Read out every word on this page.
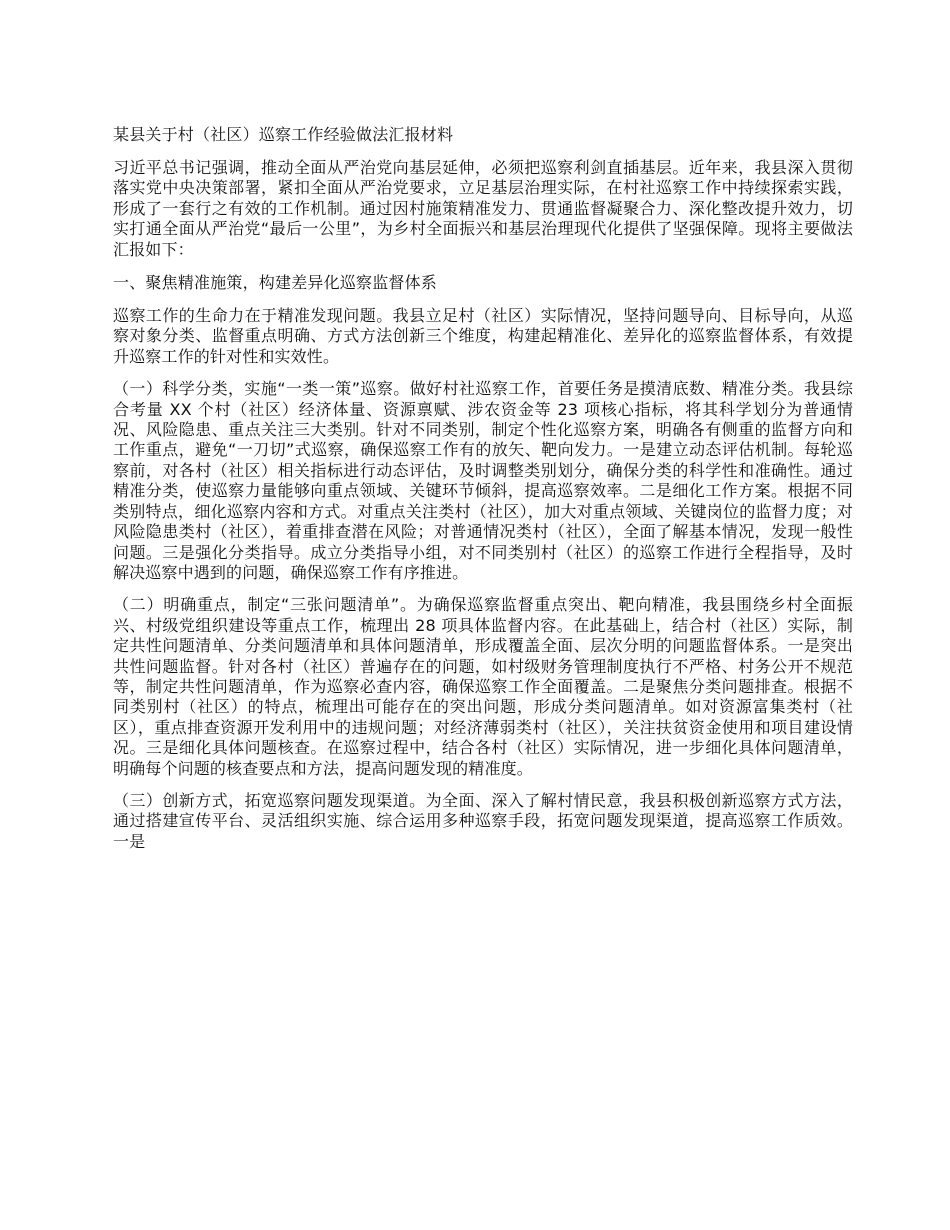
某县关于村（社区）巡察工作经验做法汇报材料

习近平总书记强调，推动全面从严治党向基层延伸，必须把巡察利剑直插基层。近年来，我县深入贯彻落实党中央决策部署，紧扣全面从严治党要求，立足基层治理实际，在村社巡察工作中持续探索实践，形成了一套行之有效的工作机制。通过因村施策精准发力、贯通监督凝聚合力、深化整改提升效力，切实打通全面从严治党“最后一公里”，为乡村全面振兴和基层治理现代化提供了坚强保障。现将主要做法汇报如下：

一、聚焦精准施策，构建差异化巡察监督体系

巡察工作的生命力在于精准发现问题。我县立足村（社区）实际情况，坚持问题导向、目标导向，从巡察对象分类、监督重点明确、方式方法创新三个维度，构建起精准化、差异化的巡察监督体系，有效提升巡察工作的针对性和实效性。

（一）科学分类，实施“一类一策”巡察。做好村社巡察工作，首要任务是摸清底数、精准分类。我县综合考量 XX 个村（社区）经济体量、资源禀赋、涉农资金等 23 项核心指标，将其科学划分为普通情况、风险隐患、重点关注三大类别。针对不同类别，制定个性化巡察方案，明确各有侧重的监督方向和工作重点，避免“一刀切”式巡察，确保巡察工作有的放矢、靶向发力。一是建立动态评估机制。每轮巡察前，对各村（社区）相关指标进行动态评估，及时调整类别划分，确保分类的科学性和准确性。通过精准分类，使巡察力量能够向重点领域、关键环节倾斜，提高巡察效率。二是细化工作方案。根据不同类别特点，细化巡察内容和方式。对重点关注类村（社区），加大对重点领域、关键岗位的监督力度；对风险隐患类村（社区），着重排查潜在风险；对普通情况类村（社区），全面了解基本情况，发现一般性问题。三是强化分类指导。成立分类指导小组，对不同类别村（社区）的巡察工作进行全程指导，及时解决巡察中遇到的问题，确保巡察工作有序推进。

（二）明确重点，制定“三张问题清单”。为确保巡察监督重点突出、靶向精准，我县围绕乡村全面振兴、村级党组织建设等重点工作，梳理出 28 项具体监督内容。在此基础上，结合村（社区）实际，制定共性问题清单、分类问题清单和具体问题清单，形成覆盖全面、层次分明的问题监督体系。一是突出共性问题监督。针对各村（社区）普遍存在的问题，如村级财务管理制度执行不严格、村务公开不规范等，制定共性问题清单，作为巡察必查内容，确保巡察工作全面覆盖。二是聚焦分类问题排查。根据不同类别村（社区）的特点，梳理出可能存在的突出问题，形成分类问题清单。如对资源富集类村（社区），重点排查资源开发利用中的违规问题；对经济薄弱类村（社区），关注扶贫资金使用和项目建设情况。三是细化具体问题核查。在巡察过程中，结合各村（社区）实际情况，进一步细化具体问题清单，明确每个问题的核查要点和方法，提高问题发现的精准度。

（三）创新方式，拓宽巡察问题发现渠道。为全面、深入了解村情民意，我县积极创新巡察方式方法，通过搭建宣传平台、灵活组织实施、综合运用多种巡察手段，拓宽问题发现渠道，提高巡察工作质效。一是
